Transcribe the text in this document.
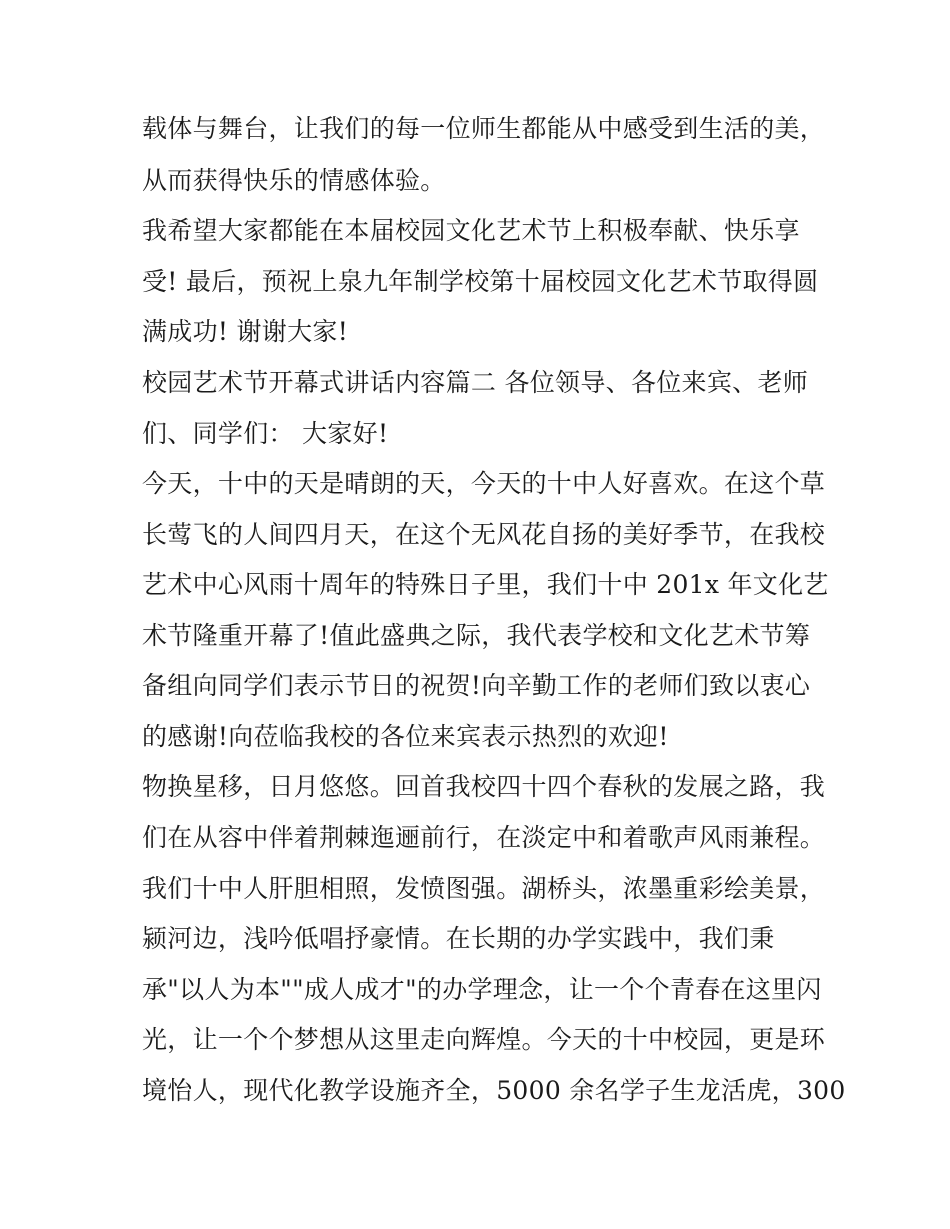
载体与舞台，让我们的每一位师生都能从中感受到生活的美，
从而获得快乐的情感体验。
我希望大家都能在本届校园文化艺术节上积极奉献、快乐享
受! 最后，预祝上泉九年制学校第十届校园文化艺术节取得圆
满成功! 谢谢大家!
校园艺术节开幕式讲话内容篇二 各位领导、各位来宾、老师
们、同学们： 大家好!
今天，十中的天是晴朗的天，今天的十中人好喜欢。在这个草
长莺飞的人间四月天，在这个无风花自扬的美好季节，在我校
艺术中心风雨十周年的特殊日子里，我们十中 201x 年文化艺
术节隆重开幕了!值此盛典之际，我代表学校和文化艺术节筹
备组向同学们表示节日的祝贺!向辛勤工作的老师们致以衷心
的感谢!向莅临我校的各位来宾表示热烈的欢迎!
物换星移，日月悠悠。回首我校四十四个春秋的发展之路，我
们在从容中伴着荆棘迤逦前行，在淡定中和着歌声风雨兼程。
我们十中人肝胆相照，发愤图强。湖桥头，浓墨重彩绘美景，
颍河边，浅吟低唱抒豪情。在长期的办学实践中，我们秉
承"以人为本""成人成才"的办学理念，让一个个青春在这里闪
光，让一个个梦想从这里走向辉煌。今天的十中校园，更是环
境怡人，现代化教学设施齐全，5000 余名学子生龙活虎，300
